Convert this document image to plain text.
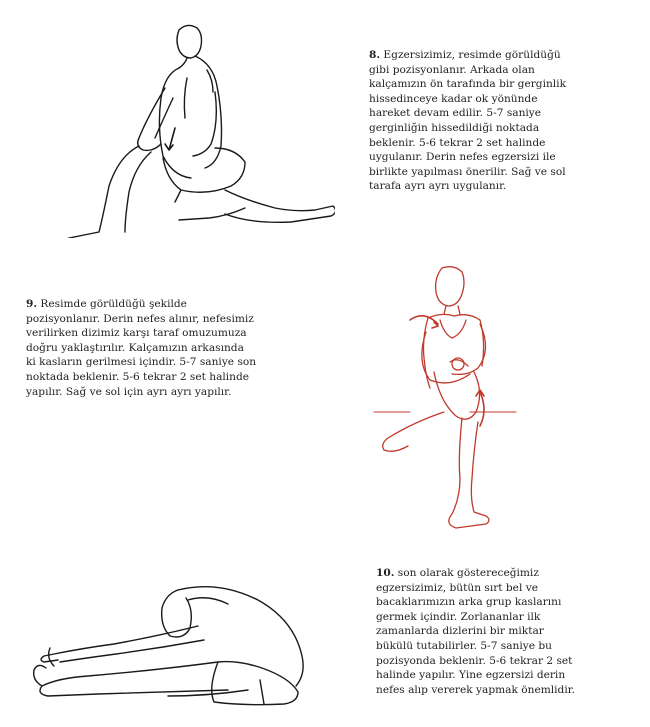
8. Egzersizimiz, resimde görüldüğü
gibi pozisyonlanır. Arkada olan
kalçamızın ön tarafında bir gerginlik
hissedinceye kadar ok yönünde
hareket devam edilir. 5-7 saniye
gerginliğin hissedildiği noktada
beklenir. 5-6 tekrar 2 set halinde
uygulanır. Derin nefes egzersizi ile
birlikte yapılması önerilir. Sağ ve sol
tarafa ayrı ayrı uygulanır.
9. Resimde görüldüğü şekilde
pozisyonlanır. Derin nefes alınır, nefesimiz
verilirken dizimiz karşı taraf omuzumuza
doğru yaklaştırılır. Kalçamızın arkasında
ki kasların gerilmesi içindir. 5-7 saniye son
noktada beklenir. 5-6 tekrar 2 set halinde
yapılır. Sağ ve sol için ayrı ayrı yapılır.
10. son olarak göstereceğimiz
egzersizimiz, bütün sırt bel ve
bacaklarımızın arka grup kaslarını
germek içindir. Zorlananlar ilk
zamanlarda dizlerini bir miktar
bükülü tutabilirler. 5-7 saniye bu
pozisyonda beklenir. 5-6 tekrar 2 set
halinde yapılır. Yine egzersizi derin
nefes alıp vererek yapmak önemlidir.
